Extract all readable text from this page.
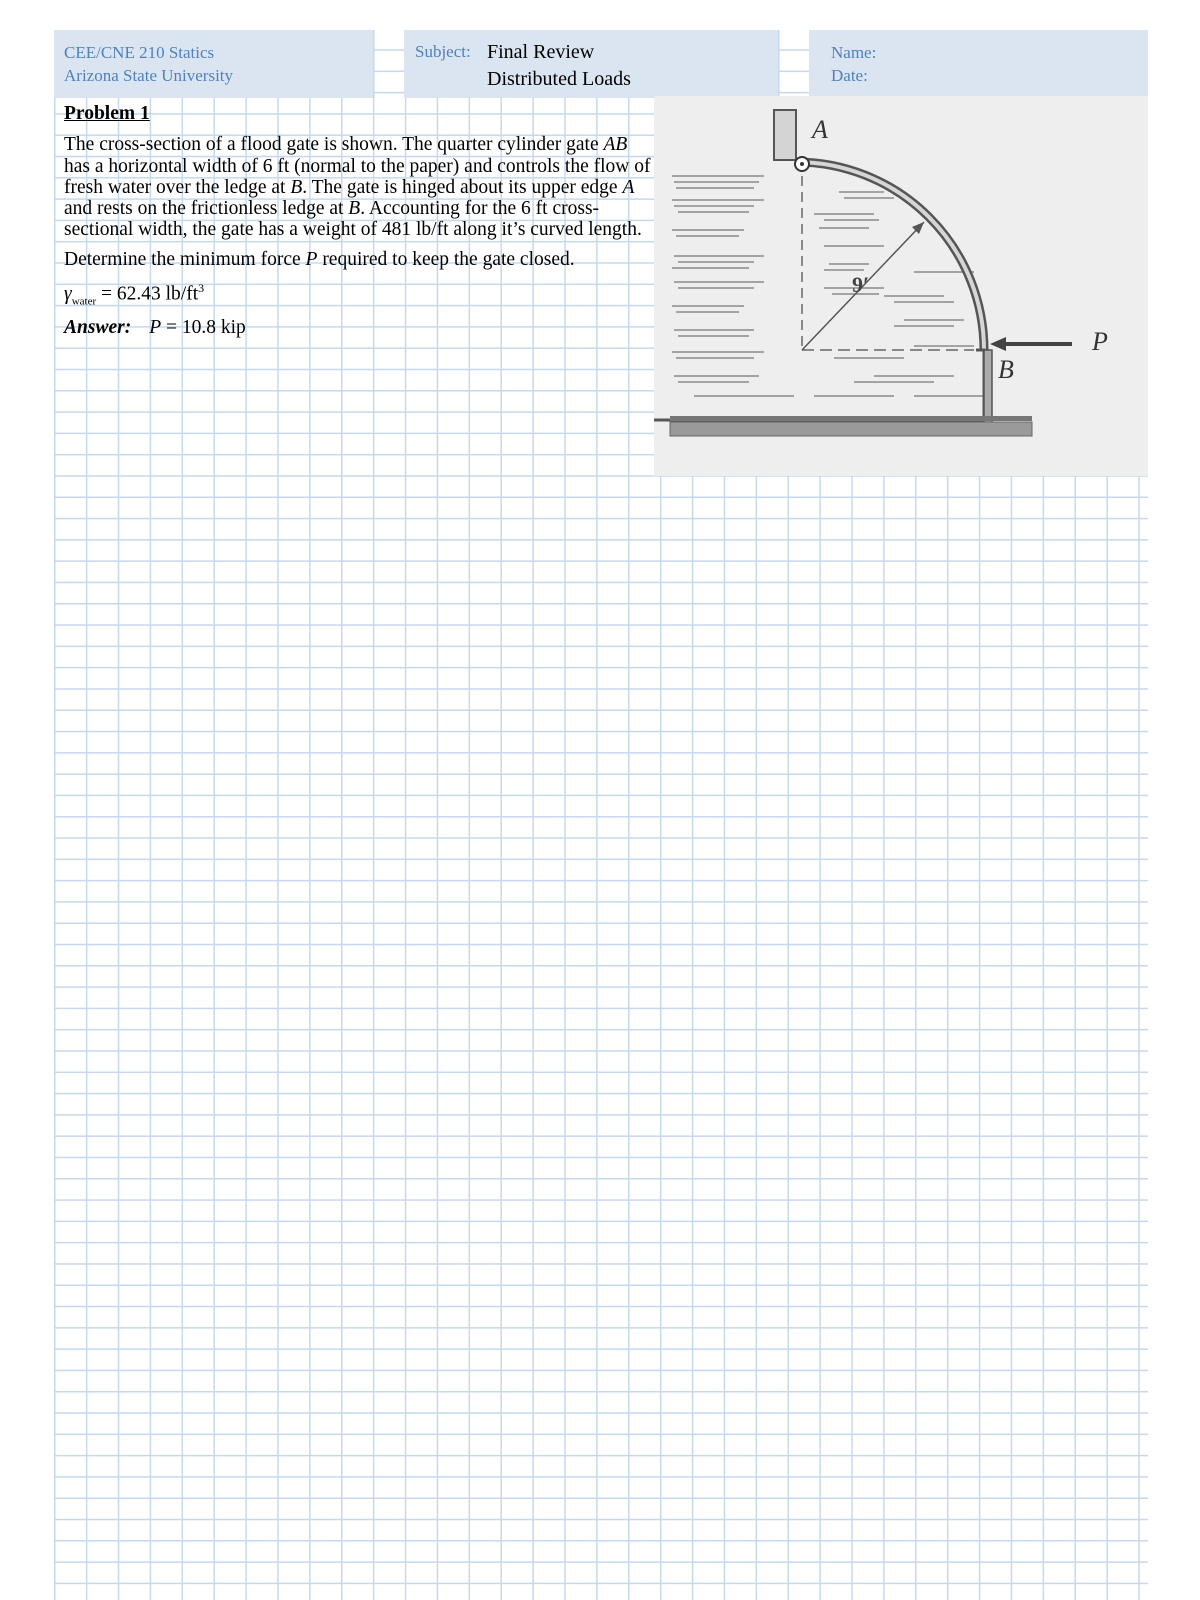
CEE/CNE 210 Statics
Arizona State University
Subject: Final Review
Distributed Loads
Name:
Date:

Problem 1

The cross-section of a flood gate is shown. The quarter cylinder gate AB has a horizontal width of 6 ft (normal to the paper) and controls the flow of fresh water over the ledge at B. The gate is hinged about its upper edge A and rests on the frictionless ledge at B. Accounting for the 6 ft cross-sectional width, the gate has a weight of 481 lb/ft along it’s curved length.

Determine the minimum force P required to keep the gate closed.

$\gamma_{water} = 62.43$ $lb/ft^3$

Answer: P = 10.8 kip

9′
A
B
P
